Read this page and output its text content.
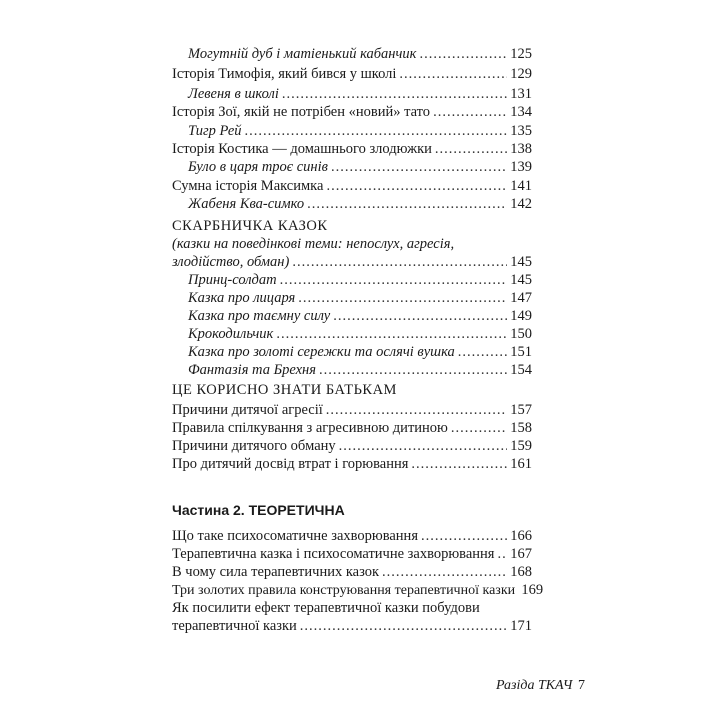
Могутній дуб і матіенький кабанчик .....	125
Історія Тимофія, який бився у школі .....	129
Левеня в школі .....	131
Історія Зої, якій не потрібен «новий» тато .....	134
Тигр Рей .....	135
Історія Костика — домашнього злодюжки .....	138
Було в царя троє синів .....	139
Сумна історія Максимка .....	141
Жабеня Ква-симко .....	142
СКАРБНИЧКА КАЗОК
(казки на поведінкові теми: непослух, агресія,
злодійство, обман) .....	145
Принц-солдат .....	145
Казка про лицаря .....	147
Казка про таємну силу .....	149
Крокодильчик .....	150
Казка про золоті сережки та ослячі вушка .....	151
Фантазія та Брехня .....	154
ЦЕ КОРИСНО ЗНАТИ БАТЬКАМ
Причини дитячої агресії .....	157
Правила спілкування з агресивною дитиною .....	158
Причини дитячого обману .....	159
Про дитячий досвід втрат і горювання .....	161
Частина 2. ТЕОРЕТИЧНА
Що таке психосоматичне захворювання .....	166
Терапевтична казка і психосоматичне захворювання ..... 167
В чому сила терапевтичних казок .....	168
Три золотих правила конструювання терапевтичної казки 169
Як посилити ефект терапевтичної казки побудови
терапевтичної казки .....	171
Разіда ТКАЧ 7
